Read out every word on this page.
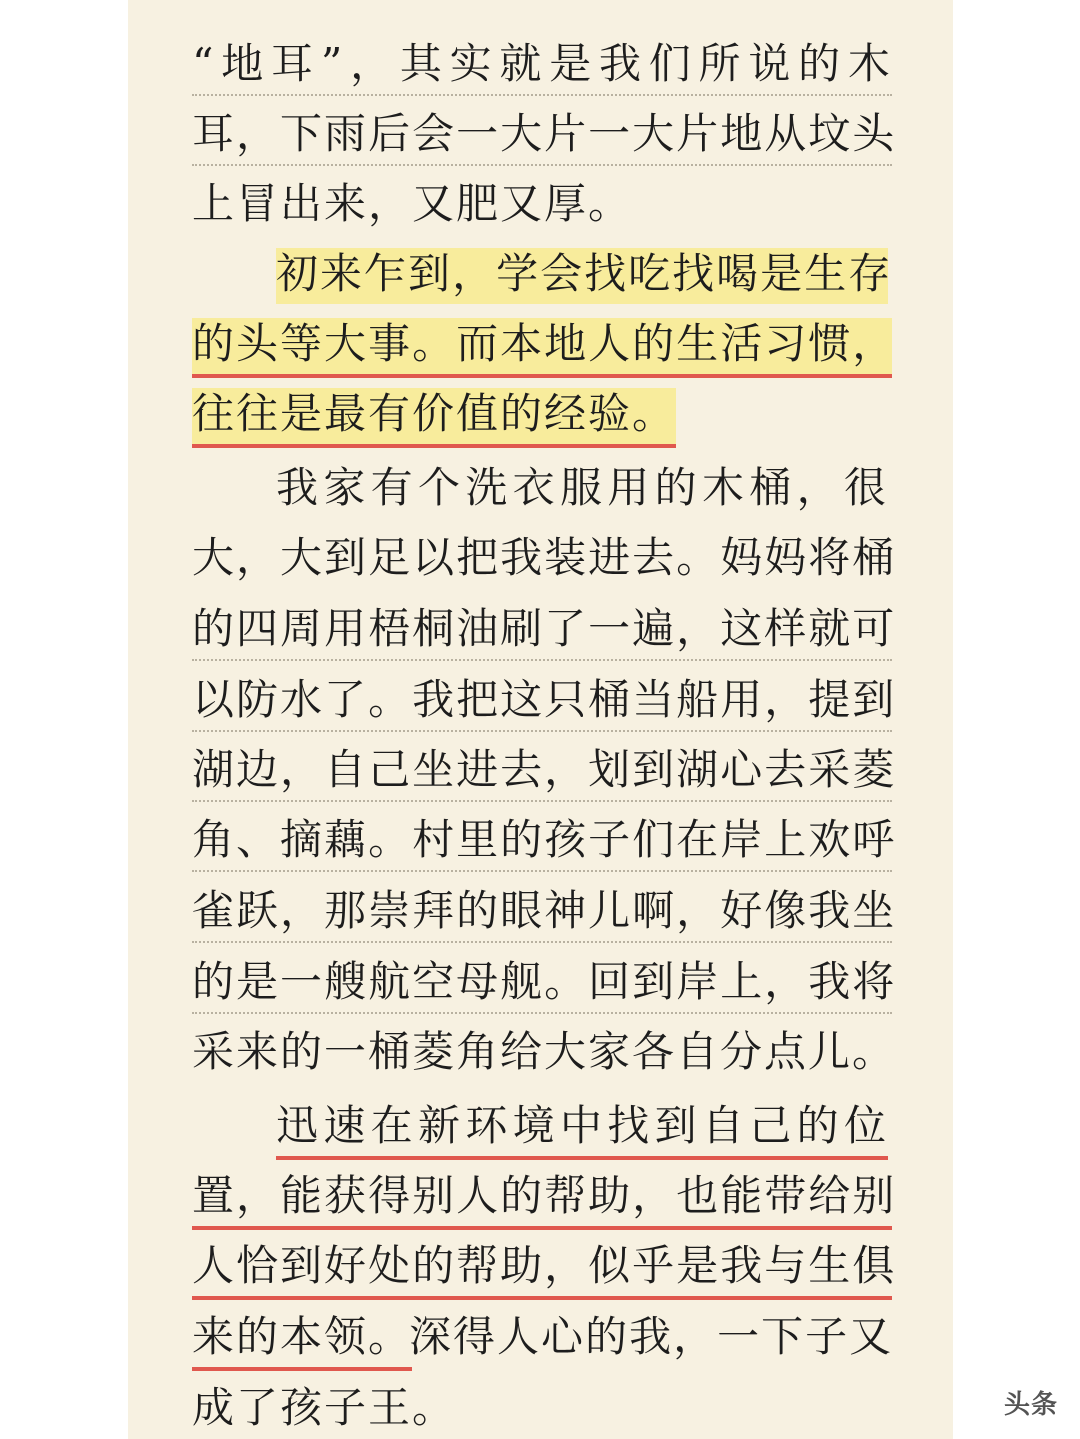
“ 地 耳 ” ， 其 实 就 是 我 们 所 说 的 木
耳 ， 下 雨 后 会 一 大 片 一 大 片 地 从 坟 头
上冒出来，又肥又厚。
初 来 乍 到 ， 学 会 找 吃 找 喝 是 生 存
的 头 等 大 事 。 而 本 地 人 的 生 活 习 惯 ，
往往是最有价值的经验。
我 家 有 个 洗 衣 服 用 的 木 桶 ， 很
大 ， 大 到 足 以 把 我 装 进 去 。 妈 妈 将 桶
的 四 周 用 梧 桐 油 刷 了 一 遍 ， 这 样 就 可
以 防 水 了 。 我 把 这 只 桶 当 船 用 ， 提 到
湖 边 ， 自 己 坐 进 去 ， 划 到 湖 心 去 采 菱
角 、 摘 藕 。 村 里 的 孩 子 们 在 岸 上 欢 呼
雀 跃 ， 那 崇 拜 的 眼 神 儿 啊 ， 好 像 我 坐
的 是 一 艘 航 空 母 舰 。 回 到 岸 上 ， 我 将
采来的一桶菱角给大家各自分点儿。
迅 速 在 新 环 境 中 找 到 自 己 的 位
置 ， 能 获 得 别 人 的 帮 助 ， 也 能 带 给 别
人 恰 到 好 处 的 帮 助 ， 似 乎 是 我 与 生 俱
来的本领。
深 得 人 心 的 我 ， 一 下 子 又
成了孩子王。	头条
